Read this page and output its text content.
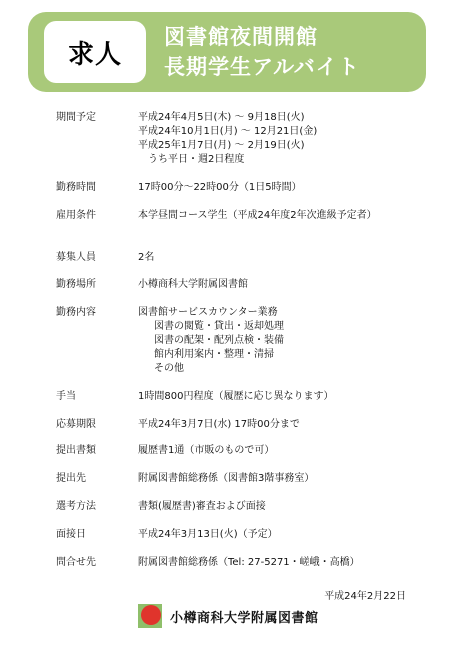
求人
図書館夜間開館
長期学生アルバイト
期間予定	平成24年4月5日(木) ～ 9月18日(火)
平成24年10月1日(月) ～ 12月21日(金)
平成25年1月7日(月) ～ 2月19日(火)
うち平日・週2日程度
勤務時間	17時00分～22時00分（1日5時間）
雇用条件	本学昼間コース学生（平成24年度2年次進級予定者）
募集人員	2名
勤務場所	小樽商科大学附属図書館
勤務内容	図書館サービスカウンター業務
図書の閲覧・貸出・返却処理
図書の配架・配列点検・装備
館内利用案内・整理・清掃
その他
手当	1時間800円程度（履歴に応じ異なります）
応募期限	平成24年3月7日(水) 17時00分まで
提出書類	履歴書1通（市販のもので可）
提出先	附属図書館総務係（図書館3階事務室）
選考方法	書類(履歴書)審査および面接
面接日	平成24年3月13日(火)（予定）
問合せ先	附属図書館総務係（Tel: 27-5271・嵯峨・高橋）
平成24年2月22日
小樽商科大学附属図書館
